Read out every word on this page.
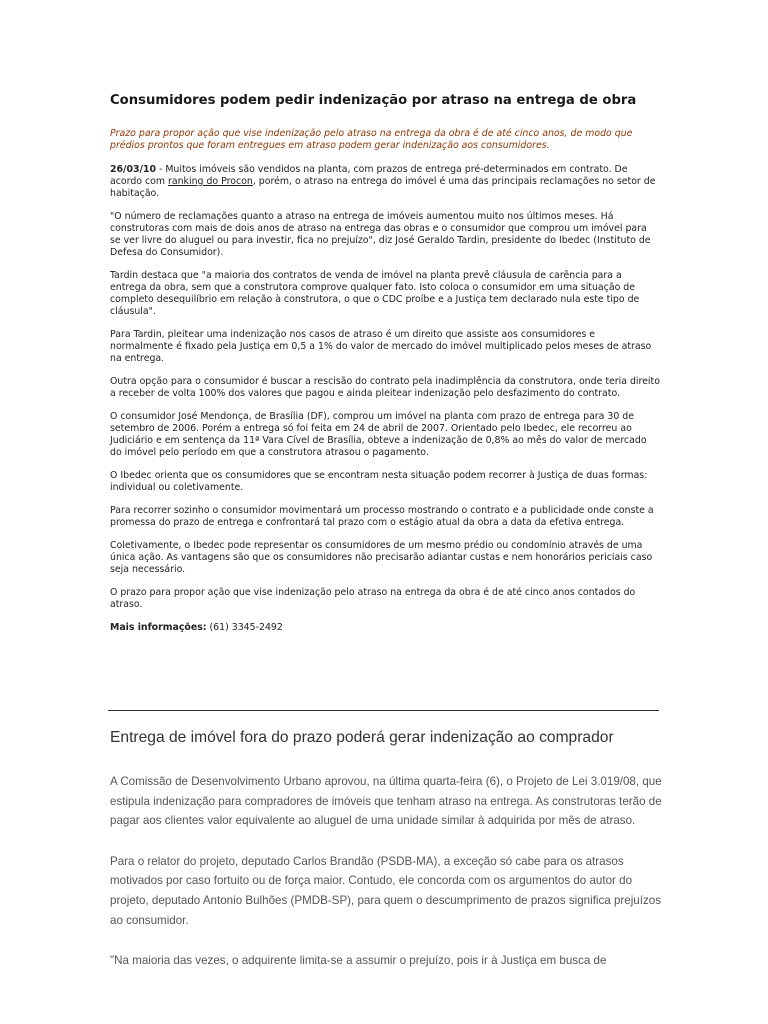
Consumidores podem pedir indenização por atraso na entrega de obra

Prazo para propor ação que vise indenização pelo atraso na entrega da obra é de até cinco anos, de modo que prédios prontos que foram entregues em atraso podem gerar indenização aos consumidores.

26/03/10 - Muitos imóveis são vendidos na planta, com prazos de entrega pré-determinados em contrato. De acordo com ranking do Procon, porém, o atraso na entrega do imóvel é uma das principais reclamações no setor de habitação.

"O número de reclamações quanto a atraso na entrega de imóveis aumentou muito nos últimos meses. Há construtoras com mais de dois anos de atraso na entrega das obras e o consumidor que comprou um imóvel para se ver livre do aluguel ou para investir, fica no prejuízo", diz José Geraldo Tardin, presidente do Ibedec (Instituto de Defesa do Consumidor).

Tardin destaca que "a maioria dos contratos de venda de imóvel na planta prevê cláusula de carência para a entrega da obra, sem que a construtora comprove qualquer fato. Isto coloca o consumidor em uma situação de completo desequilíbrio em relação à construtora, o que o CDC proíbe e a Justiça tem declarado nula este tipo de cláusula".

Para Tardin, pleitear uma indenização nos casos de atraso é um direito que assiste aos consumidores e normalmente é fixado pela Justiça em 0,5 a 1% do valor de mercado do imóvel multiplicado pelos meses de atraso na entrega.

Outra opção para o consumidor é buscar a rescisão do contrato pela inadimplência da construtora, onde teria direito a receber de volta 100% dos valores que pagou e ainda pleitear indenização pelo desfazimento do contrato.

O consumidor José Mendonça, de Brasília (DF), comprou um imóvel na planta com prazo de entrega para 30 de setembro de 2006. Porém a entrega só foi feita em 24 de abril de 2007. Orientado pelo Ibedec, ele recorreu ao Judiciário e em sentença da 11ª Vara Cível de Brasília, obteve a indenização de 0,8% ao mês do valor de mercado do imóvel pelo período em que a construtora atrasou o pagamento.

O Ibedec orienta que os consumidores que se encontram nesta situação podem recorrer à Justiça de duas formas: individual ou coletivamente.

Para recorrer sozinho o consumidor movimentará um processo mostrando o contrato e a publicidade onde conste a promessa do prazo de entrega e confrontará tal prazo com o estágio atual da obra a data da efetiva entrega.

Coletivamente, o Ibedec pode representar os consumidores de um mesmo prédio ou condomínio através de uma única ação. As vantagens são que os consumidores não precisarão adiantar custas e nem honorários periciais caso seja necessário.

O prazo para propor ação que vise indenização pelo atraso na entrega da obra é de até cinco anos contados do atraso.

Mais informações: (61) 3345-2492

Entrega de imóvel fora do prazo poderá gerar indenização ao comprador

A Comissão de Desenvolvimento Urbano aprovou, na última quarta-feira (6), o Projeto de Lei 3.019/08, que estipula indenização para compradores de imóveis que tenham atraso na entrega. As construtoras terão de pagar aos clientes valor equivalente ao aluguel de uma unidade similar à adquirida por mês de atraso.

Para o relator do projeto, deputado Carlos Brandão (PSDB-MA), a exceção só cabe para os atrasos motivados por caso fortuito ou de força maior. Contudo, ele concorda com os argumentos do autor do projeto, deputado Antonio Bulhões (PMDB-SP), para quem o descumprimento de prazos significa prejuízos ao consumidor.

"Na maioria das vezes, o adquirente limita-se a assumir o prejuízo, pois ir à Justiça em busca de
